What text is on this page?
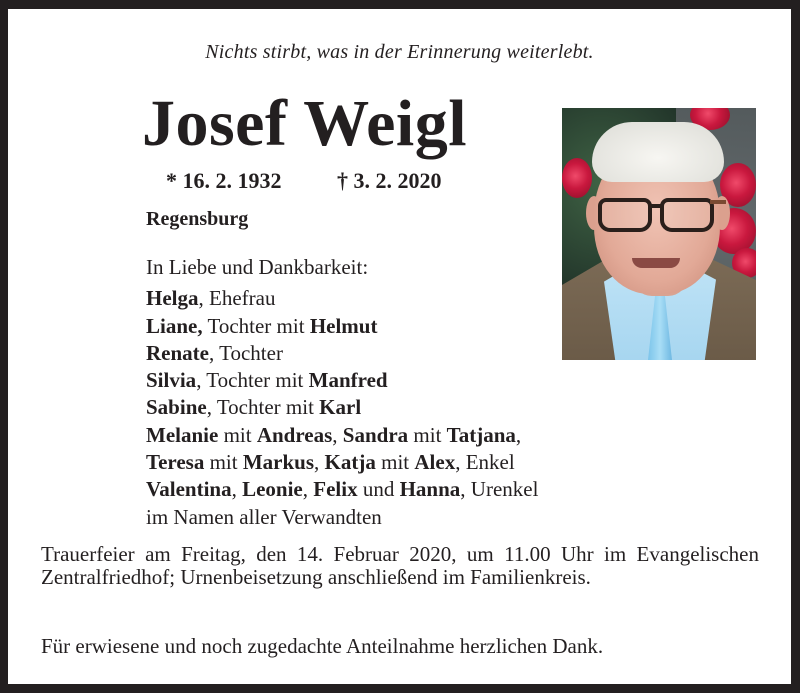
Nichts stirbt, was in der Erinnerung weiterlebt.
Josef Weigl
* 16. 2. 1932	† 3. 2. 2020
Regensburg
In Liebe und Dankbarkeit:
Helga, Ehefrau
Liane, Tochter mit Helmut
Renate, Tochter
Silvia, Tochter mit Manfred
Sabine, Tochter mit Karl
Melanie mit Andreas, Sandra mit Tatjana,
Teresa mit Markus, Katja mit Alex, Enkel
Valentina, Leonie, Felix und Hanna, Urenkel
im Namen aller Verwandten
Trauerfeier am Freitag, den 14. Februar 2020, um 11.00 Uhr im Evangelischen Zentralfriedhof; Urnenbeisetzung anschließend im Familienkreis.
Für erwiesene und noch zugedachte Anteilnahme herzlichen Dank.
